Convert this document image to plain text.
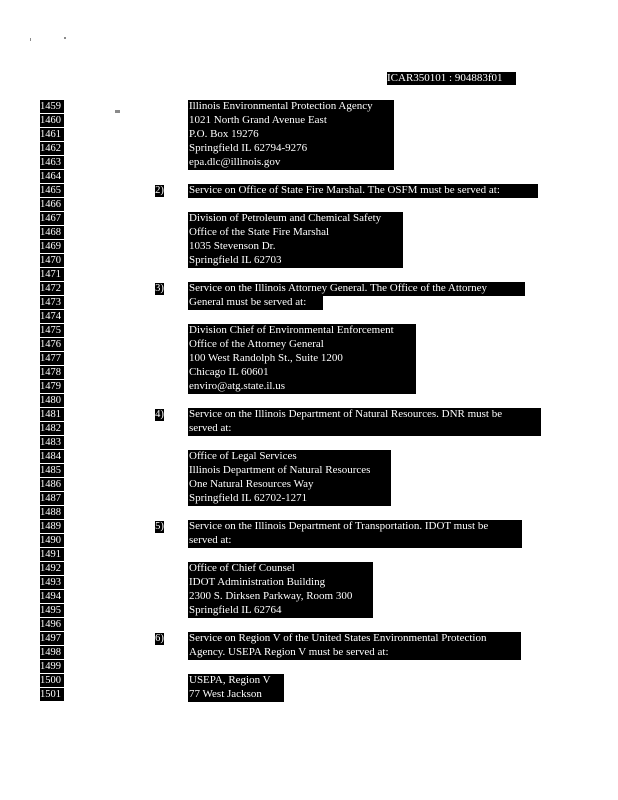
ICAR350101 : 904883f01
1459
1460
1461
1462
1463
1464
1465
1466
1467
1468
1469
1470
1471
1472
1473
1474
1475
1476
1477
1478
1479
1480
1481
1482
1483
1484
1485
1486
1487
1488
1489
1490
1491
1492
1493
1494
1495
1496
1497
1498
1499
1500
1501
Illinois Environmental Protection Agency
1021 North Grand Avenue East
P.O. Box 19276
Springfield IL 62794-9276
epa.dlc@illinois.gov
2) Service on Office of State Fire Marshal. The OSFM must be served at:
Division of Petroleum and Chemical Safety
Office of the State Fire Marshal
1035 Stevenson Dr.
Springfield IL 62703
3) Service on the Illinois Attorney General. The Office of the Attorney
General must be served at:
Division Chief of Environmental Enforcement
Office of the Attorney General
100 West Randolph St., Suite 1200
Chicago IL 60601
enviro@atg.state.il.us
4) Service on the Illinois Department of Natural Resources. DNR must be
served at:
Office of Legal Services
Illinois Department of Natural Resources
One Natural Resources Way
Springfield IL 62702-1271
5) Service on the Illinois Department of Transportation. IDOT must be
served at:
Office of Chief Counsel
IDOT Administration Building
2300 S. Dirksen Parkway, Room 300
Springfield IL 62764
6) Service on Region V of the United States Environmental Protection
Agency. USEPA Region V must be served at:
USEPA, Region V
77 West Jackson
